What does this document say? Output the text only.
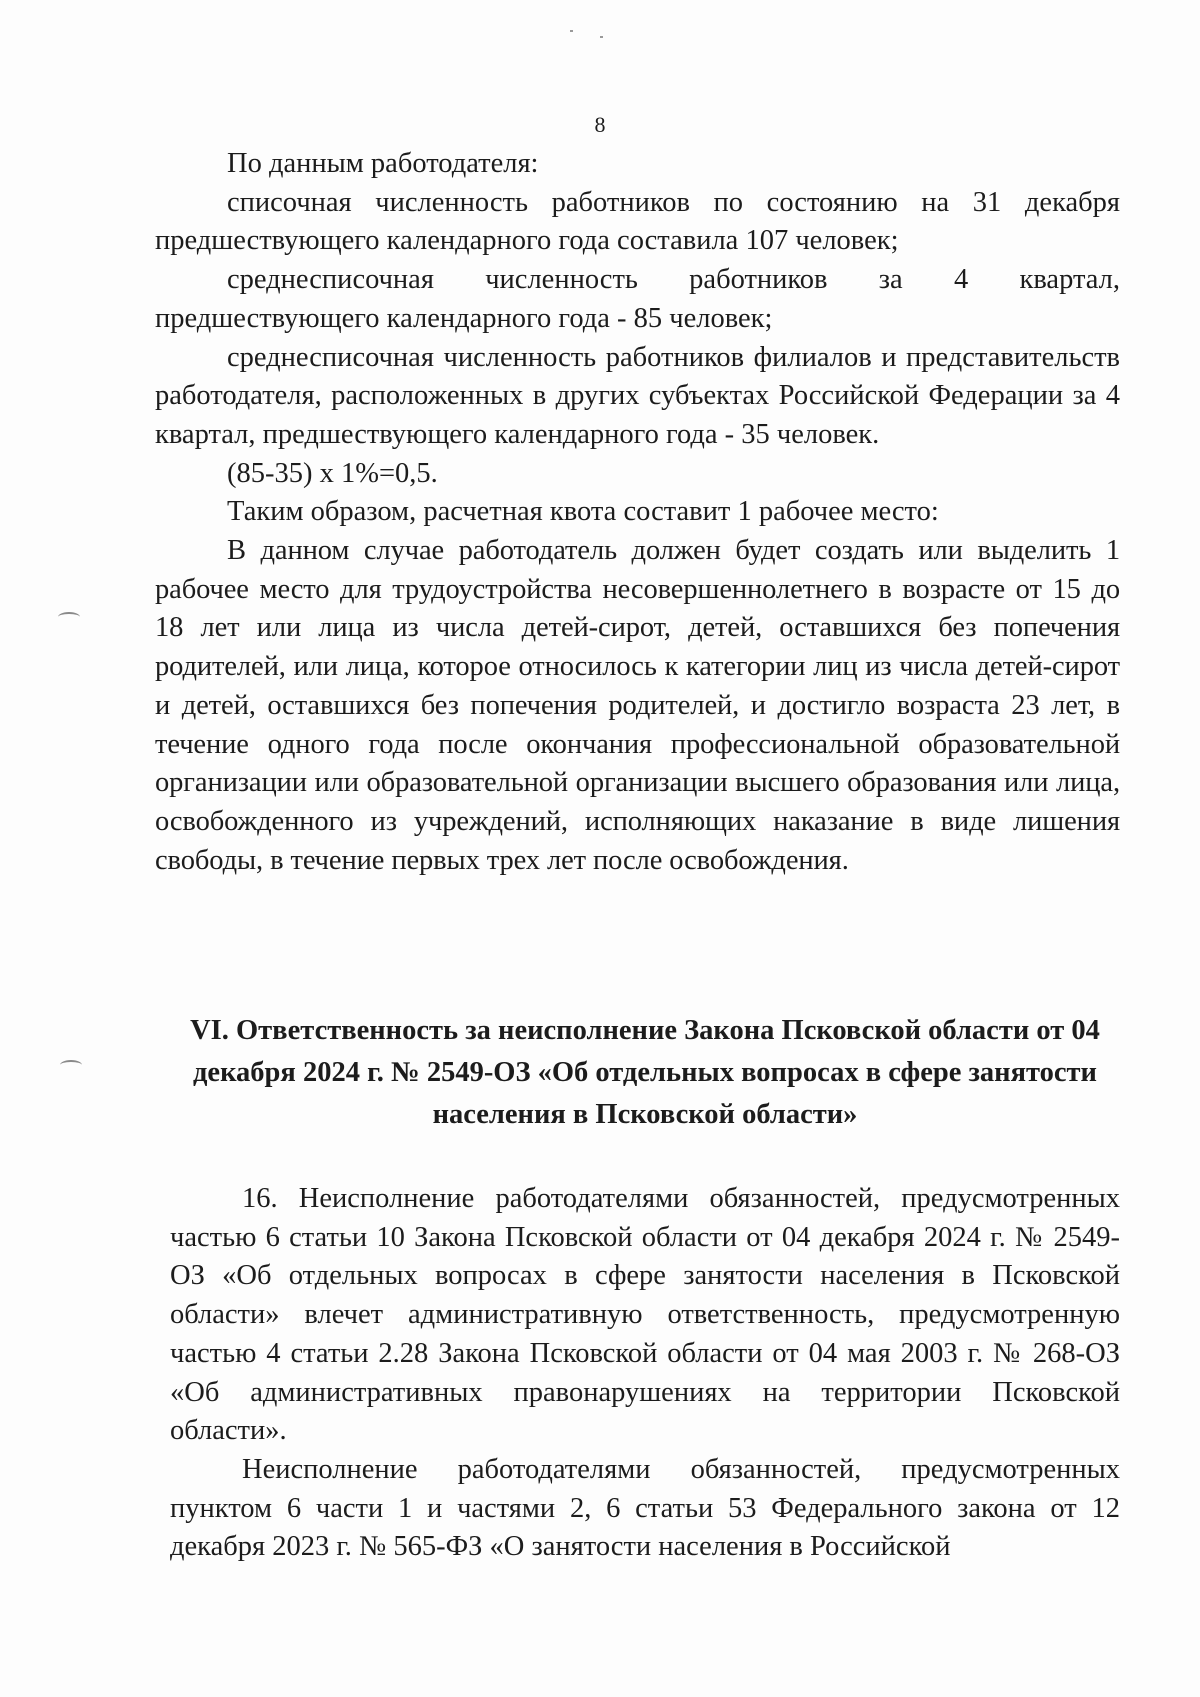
8

По данным работодателя:

списочная численность работников по состоянию на 31 декабря предшествующего календарного года составила 107 человек;

среднесписочная численность работников за 4 квартал, предшествующего календарного года - 85 человек;

среднесписочная численность работников филиалов и представительств работодателя, расположенных в других субъектах Российской Федерации за 4 квартал, предшествующего календарного года - 35 человек.

(85-35) х 1%=0,5.

Таким образом, расчетная квота составит 1 рабочее место:

В данном случае работодатель должен будет создать или выделить 1 рабочее место для трудоустройства несовершеннолетнего в возрасте от 15 до 18 лет или лица из числа детей-сирот, детей, оставшихся без попечения родителей, или лица, которое относилось к категории лиц из числа детей-сирот и детей, оставшихся без попечения родителей, и достигло возраста 23 лет, в течение одного года после окончания профессиональной образовательной организации или образовательной организации высшего образования или лица, освобожденного из учреждений, исполняющих наказание в виде лишения свободы, в течение первых трех лет после освобождения.

VI. Ответственность за неисполнение Закона Псковской области от 04 декабря 2024 г. № 2549-ОЗ «Об отдельных вопросах в сфере занятости населения в Псковской области»

16. Неисполнение работодателями обязанностей, предусмотренных частью 6 статьи 10 Закона Псковской области от 04 декабря 2024 г. № 2549-ОЗ «Об отдельных вопросах в сфере занятости населения в Псковской области» влечет административную ответственность, предусмотренную частью 4 статьи 2.28 Закона Псковской области от 04 мая 2003 г. № 268-ОЗ «Об административных правонарушениях на территории Псковской области».

Неисполнение работодателями обязанностей, предусмотренных пунктом 6 части 1 и частями 2, 6 статьи 53 Федерального закона от 12 декабря 2023 г. № 565-ФЗ «О занятости населения в Российской
